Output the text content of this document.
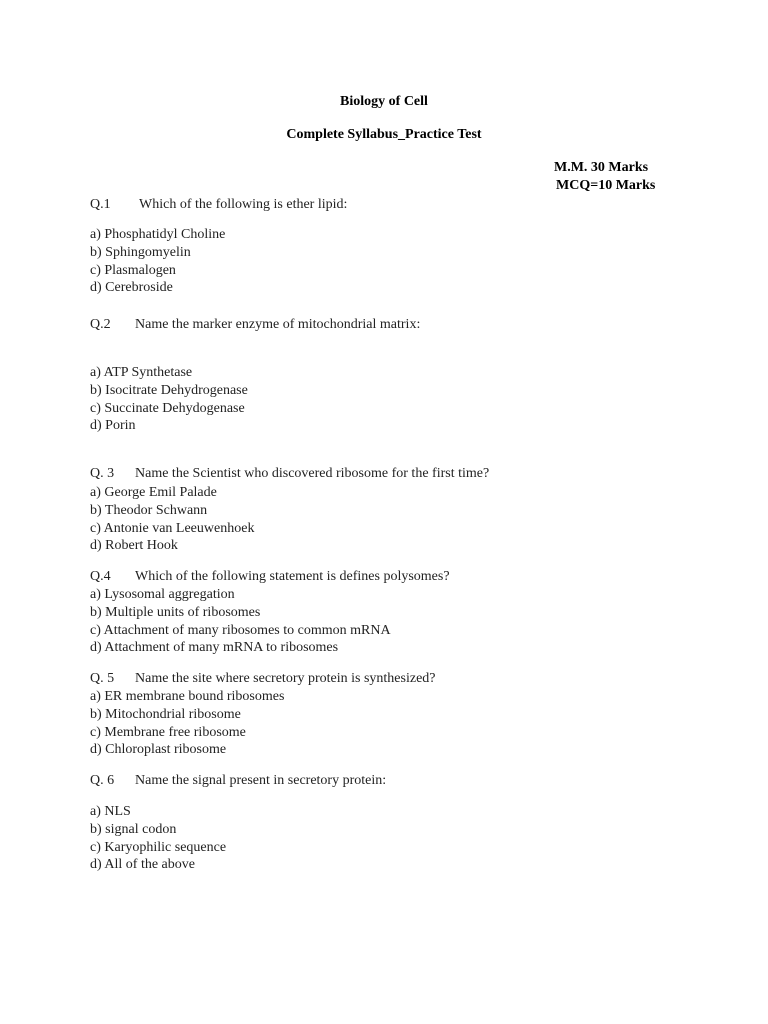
Biology of Cell
Complete Syllabus_Practice Test
M.M. 30 Marks
MCQ=10 Marks
Q.1 Which of the following is ether lipid:
a) Phosphatidyl Choline
b) Sphingomyelin
c) Plasmalogen
d) Cerebroside
Q.2 Name the marker enzyme of mitochondrial matrix:
a) ATP Synthetase
b) Isocitrate Dehydrogenase
c) Succinate Dehydogenase
d) Porin
Q. 3 Name the Scientist who discovered ribosome for the first time?
a) George Emil Palade
b) Theodor Schwann
c) Antonie van Leeuwenhoek
d) Robert Hook
Q.4 Which of the following statement is defines polysomes?
a) Lysosomal aggregation
b) Multiple units of ribosomes
c) Attachment of many ribosomes to common mRNA
d) Attachment of many mRNA to ribosomes
Q. 5 Name the site where secretory protein is synthesized?
a) ER membrane bound ribosomes
b) Mitochondrial ribosome
c) Membrane free ribosome
d) Chloroplast ribosome
Q. 6 Name the signal present in secretory protein:
a) NLS
b) signal codon
c) Karyophilic sequence
d) All of the above
